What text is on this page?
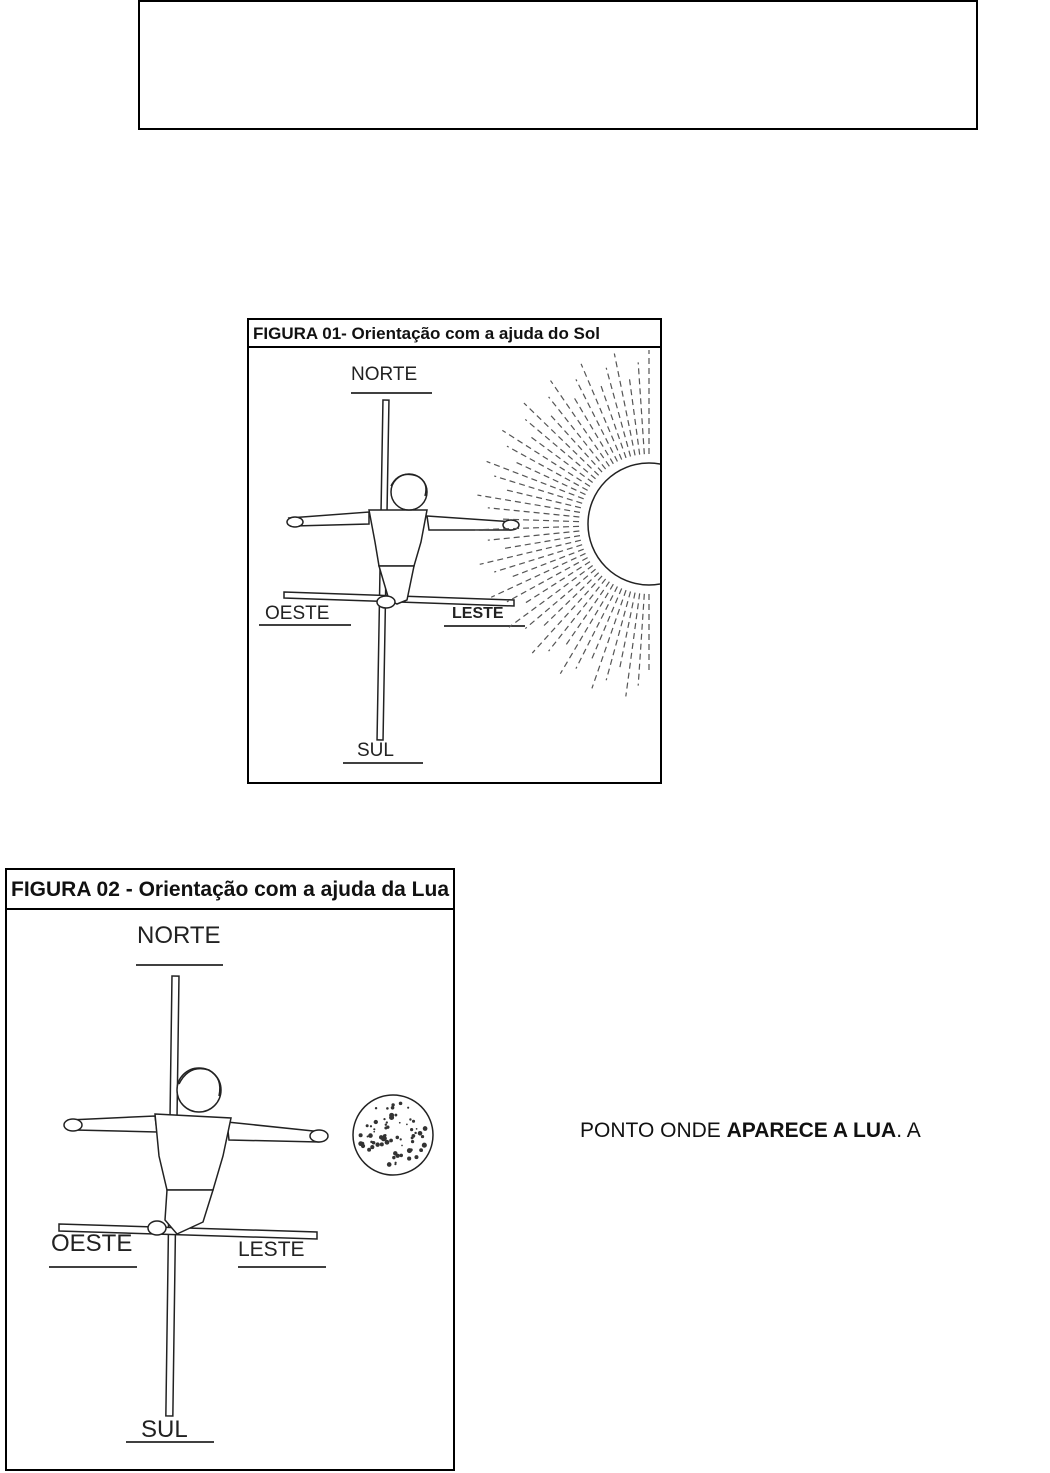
FIGURA 01- Orientação com a ajuda do Sol
NORTE
OESTE	LESTE
SUL
FIGURA 02 - Orientação com a ajuda da Lua
NORTE
OESTE	LESTE
SUL
PONTO ONDE APARECE A LUA. A
